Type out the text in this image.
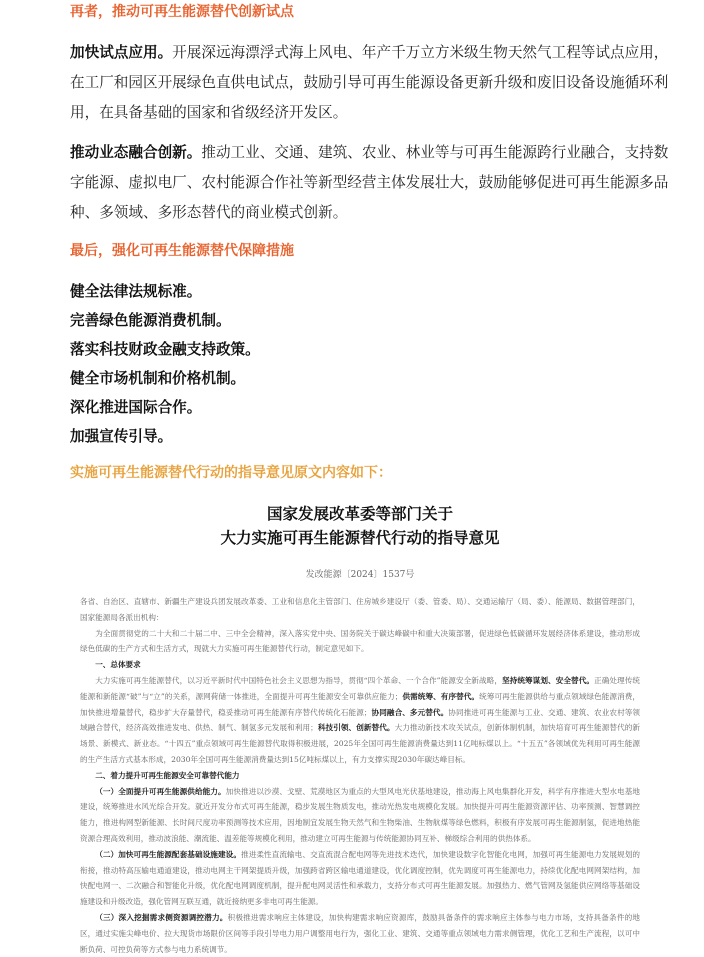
再者，推动可再生能源替代创新试点
加快试点应用。开展深远海漂浮式海上风电、年产千万立方米级生物天然气工程等试点应用，在工厂和园区开展绿色直供电试点，鼓励引导可再生能源设备更新升级和废旧设备设施循环利用，在具备基础的国家和省级经济开发区。
推动业态融合创新。推动工业、交通、建筑、农业、林业等与可再生能源跨行业融合，支持数字能源、虚拟电厂、农村能源合作社等新型经营主体发展壮大，鼓励能够促进可再生能源多品种、多领域、多形态替代的商业模式创新。
最后，强化可再生能源替代保障措施
健全法律法规标准。
完善绿色能源消费机制。
落实科技财政金融支持政策。
健全市场机制和价格机制。
深化推进国际合作。
加强宣传引导。
实施可再生能源替代行动的指导意见原文内容如下：
国家发展改革委等部门关于
大力实施可再生能源替代行动的指导意见
发改能源〔2024〕1537号

各省、自治区、直辖市、新疆生产建设兵团发展改革委、工业和信息化主管部门、住房城乡建设厅（委、管委、局）、交通运输厅（局、委）、能源局、数据管理部门，国家能源局各派出机构：

为全面贯彻党的二十大和二十届二中、三中全会精神，深入落实党中央、国务院关于碳达峰碳中和重大决策部署，促进绿色低碳循环发展经济体系建设，推动形成绿色低碳的生产方式和生活方式，现就大力实施可再生能源替代行动，制定意见如下。

一、总体要求

大力实施可再生能源替代，以习近平新时代中国特色社会主义思想为指导，贯彻“四个革命、一个合作”能源安全新战略，坚持统筹谋划、安全替代。正确处理传统能源和新能源“破”与“立”的关系，源网荷储一体推进，全面提升可再生能源安全可靠供应能力；供需统筹、有序替代。统筹可再生能源供给与重点领域绿色能源消费，加快推进增量替代，稳步扩大存量替代，稳妥推动可再生能源有序替代传统化石能源；协同融合、多元替代。协同推进可再生能源与工业、交通、建筑、农业农村等领域融合替代，经济高效推进发电、供热、制气、制氢多元发展和利用；科技引领、创新替代。大力推动新技术攻关试点，创新体制机制，加快培育可再生能源替代的新场景、新模式、新业态。“十四五”重点领域可再生能源替代取得积极进展，2025年全国可再生能源消费量达到11亿吨标煤以上。“十五五”各领域优先利用可再生能源的生产生活方式基本形成，2030年全国可再生能源消费量达到15亿吨标煤以上，有力支撑实现2030年碳达峰目标。

二、着力提升可再生能源安全可靠替代能力

（一）全面提升可再生能源供给能力。加快推进以沙漠、戈壁、荒漠地区为重点的大型风电光伏基地建设，推动海上风电集群化开发，科学有序推进大型水电基地建设，统筹推进水风光综合开发。就近开发分布式可再生能源，稳步发展生物质发电，推动光热发电规模化发展。加快提升可再生能源资源评估、功率预测、智慧调控能力，推进构网型新能源、长时间尺度功率预测等技术应用，因地制宜发展生物天然气和生物柴油、生物航煤等绿色燃料，积极有序发展可再生能源制氢，促进地热能资源合理高效利用，推动波浪能、潮流能、温差能等规模化利用，推动建立可再生能源与传统能源协同互补、梯级综合利用的供热体系。

（二）加快可再生能源配套基础设施建设。推进柔性直流输电、交直流混合配电网等先进技术迭代，加快建设数字化智能化电网，加强可再生能源电力发展规划的衔接，推动特高压输电通道建设，推动电网主干网架提质升级，加强跨省跨区输电通道建设，优化调度控制，优先调度可再生能源电力，持续优化配电网网架结构，加快配电网一、二次融合和智能化升级，优化配电网调度机制，提升配电网灵活性和承载力，支持分布式可再生能源发展。加强热力、燃气管网及氢能供应网络等基础设施建设和升级改造，强化管网互联互通，就近接纳更多非电可再生能源。

（三）深入挖掘需求侧资源调控潜力。积极推进需求响应主体建设，加快构建需求响应资源库，鼓励具备条件的需求响应主体参与电力市场，支持具备条件的地区，通过实施尖峰电价、拉大现货市场限价区间等手段引导电力用户调整用电行为，强化工业、建筑、交通等重点领域电力需求侧管理，优化工艺和生产流程，以可中断负荷、可控负荷等方式参与电力系统调节。
